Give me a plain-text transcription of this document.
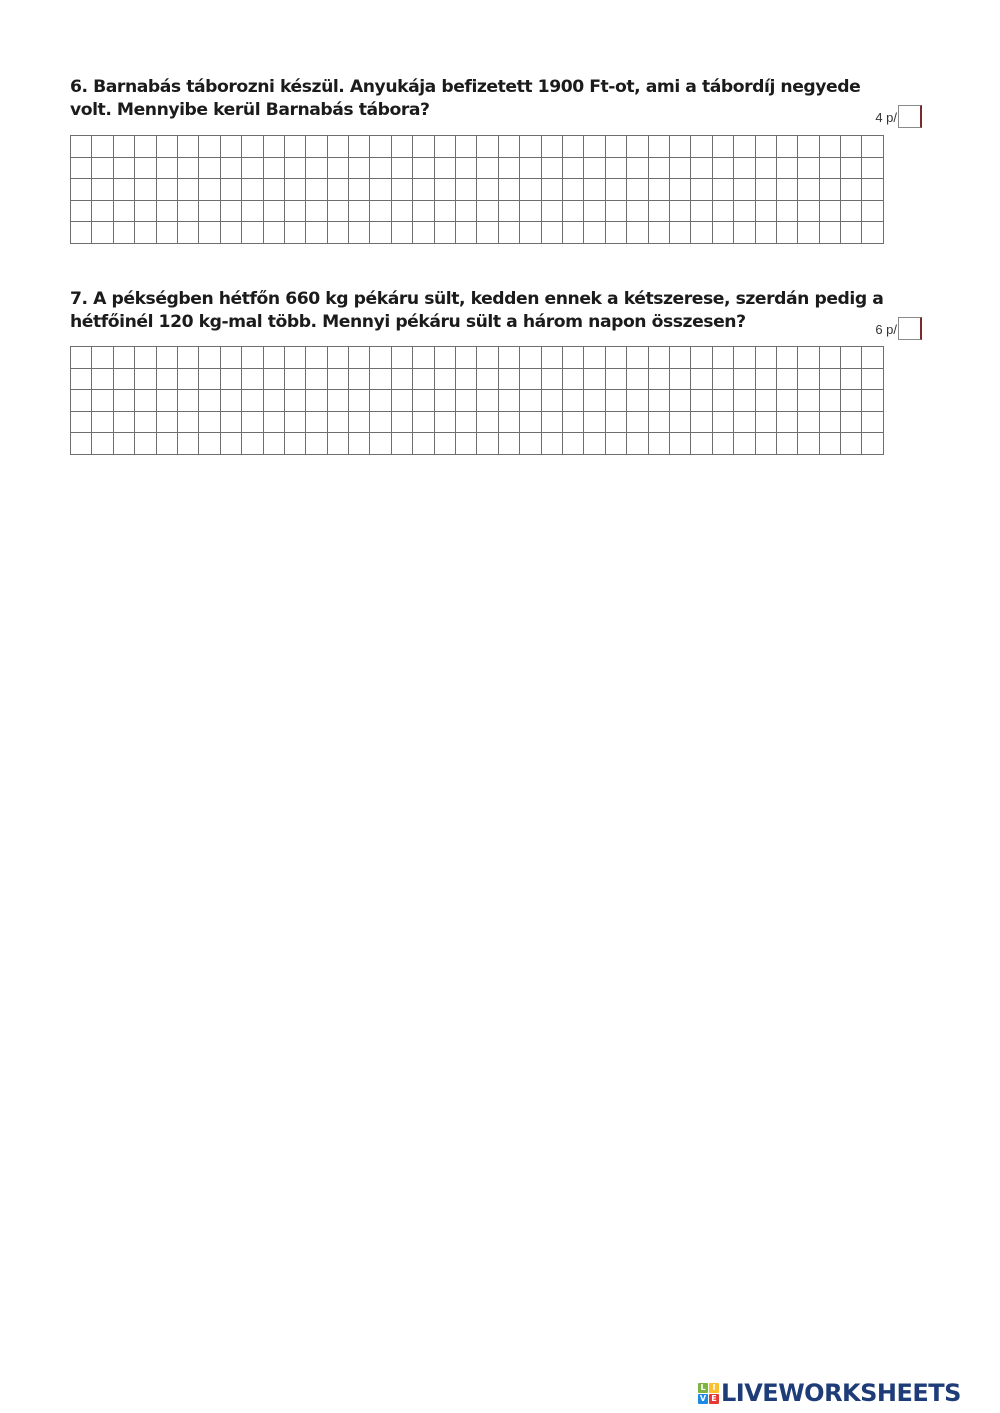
6. Barnabás táborozni készül. Anyukája befizetett 1900 Ft-ot, ami a tábordíj negyede
volt. Mennyibe kerül Barnabás tábora?	4 p/

7. A pékségben hétfőn 660 kg pékáru sült, kedden ennek a kétszerese, szerdán pedig a
hétfőinél 120 kg-mal több. Mennyi pékáru sült a három napon összesen?	6 p/

L I
V E LIVEWORKSHEETS
